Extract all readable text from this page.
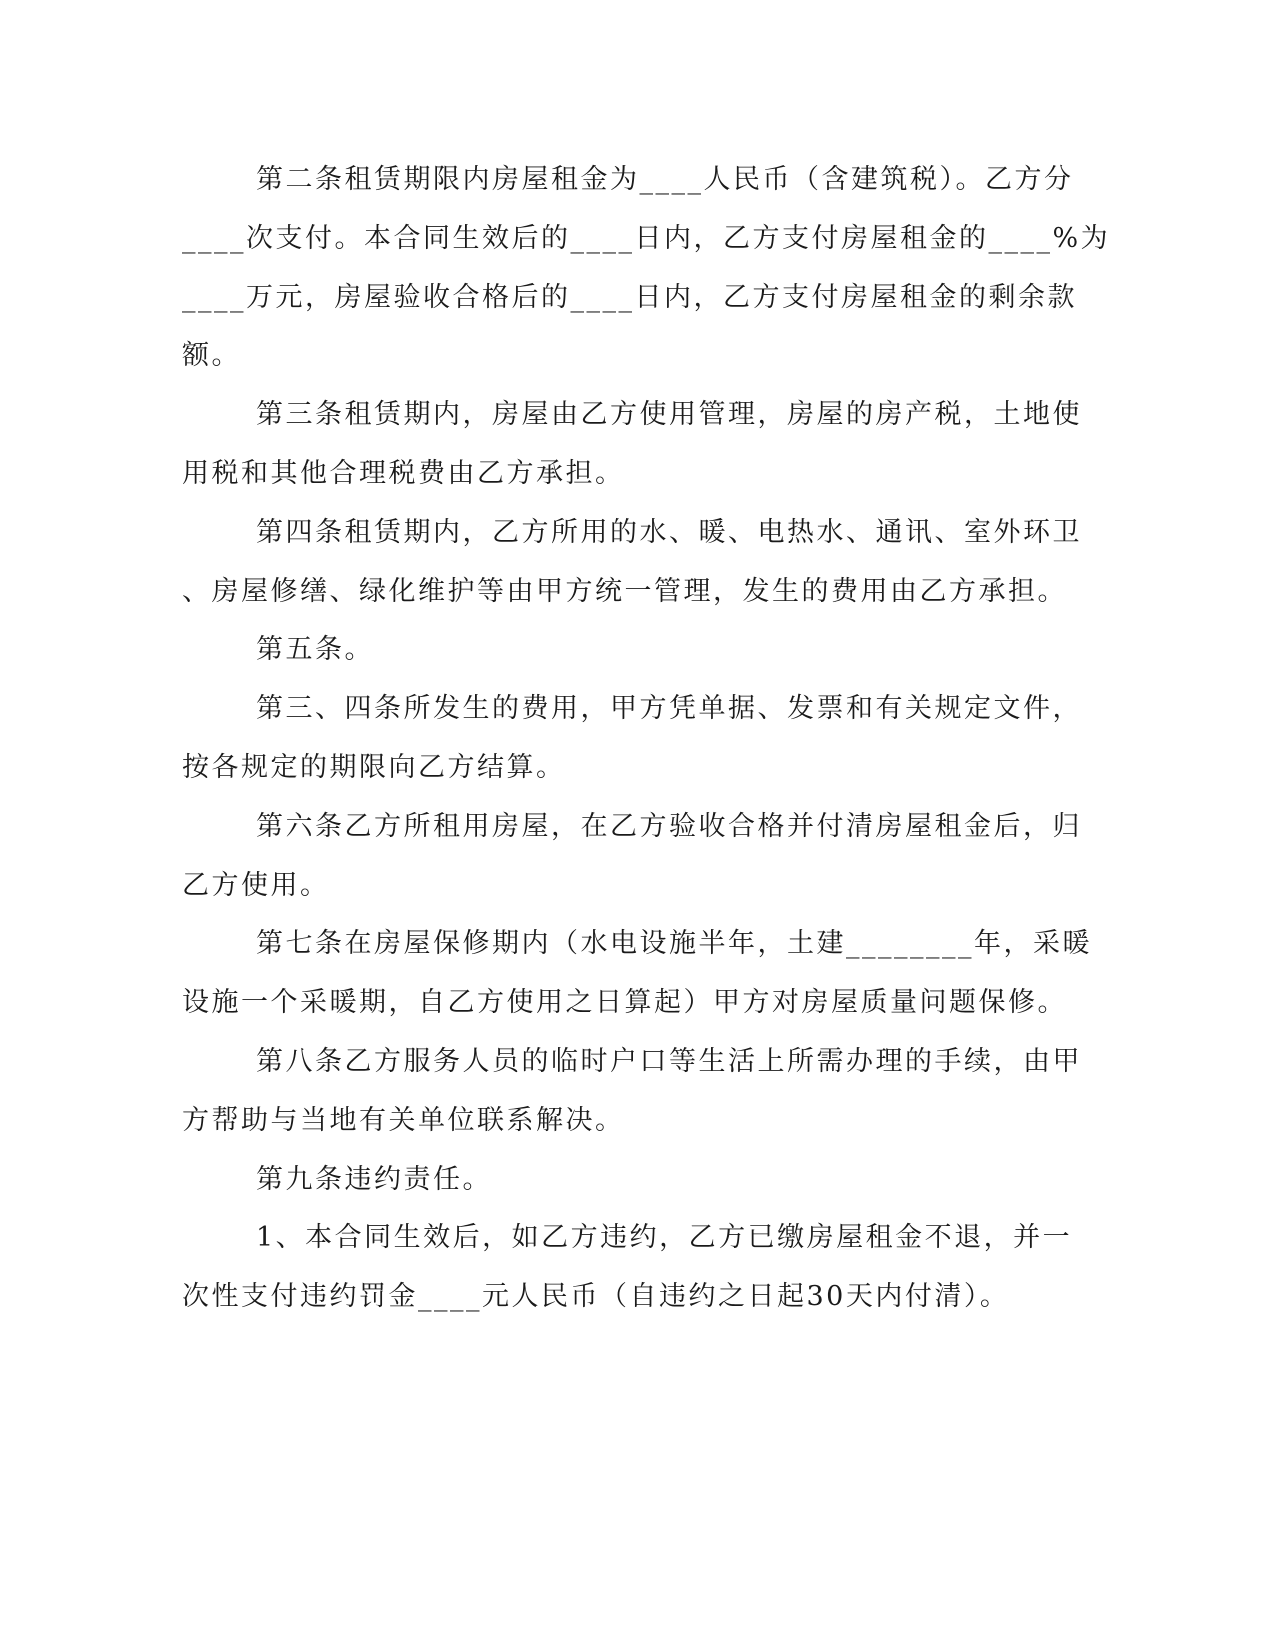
第二条租赁期限内房屋租金为____人民币（含建筑税）。乙方分
____次支付。本合同生效后的____日内，乙方支付房屋租金的____%为
____万元，房屋验收合格后的____日内，乙方支付房屋租金的剩余款
额。
第三条租赁期内，房屋由乙方使用管理，房屋的房产税，土地使
用税和其他合理税费由乙方承担。
第四条租赁期内，乙方所用的水、暖、电热水、通讯、室外环卫
、房屋修缮、绿化维护等由甲方统一管理，发生的费用由乙方承担。
第五条。
第三、四条所发生的费用，甲方凭单据、发票和有关规定文件，
按各规定的期限向乙方结算。
第六条乙方所租用房屋，在乙方验收合格并付清房屋租金后，归
乙方使用。
第七条在房屋保修期内（水电设施半年，土建________年，采暖
设施一个采暖期，自乙方使用之日算起）甲方对房屋质量问题保修。
第八条乙方服务人员的临时户口等生活上所需办理的手续，由甲
方帮助与当地有关单位联系解决。
第九条违约责任。
1、本合同生效后，如乙方违约，乙方已缴房屋租金不退，并一
次性支付违约罚金____元人民币（自违约之日起30天内付清）。
